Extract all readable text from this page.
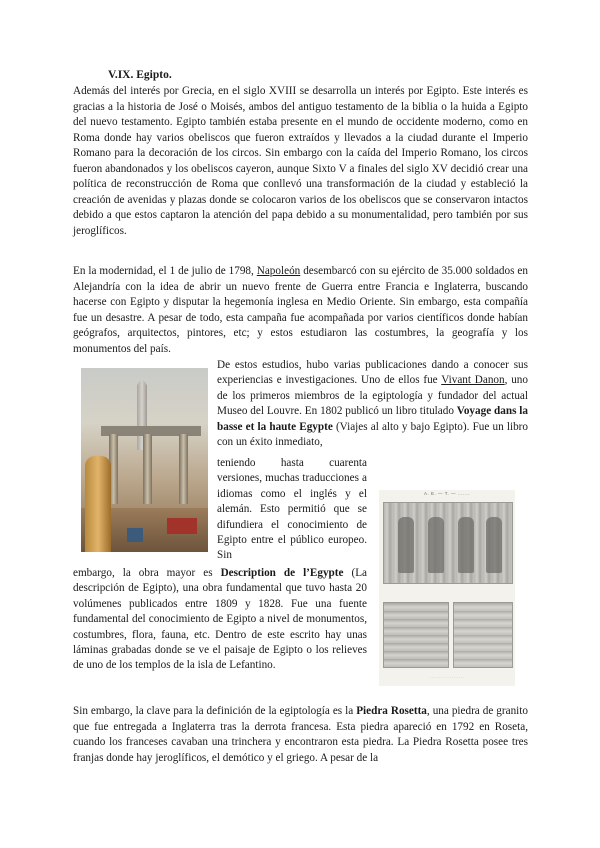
V.IX. Egipto.
Además del interés por Grecia, en el siglo XVIII se desarrolla un interés por Egipto. Este interés es gracias a la historia de José o Moisés, ambos del antiguo testamento de la biblia o la huida a Egipto del nuevo testamento. Egipto también estaba presente en el mundo de occidente moderno, como en Roma donde hay varios obeliscos que fueron extraídos y llevados a la ciudad durante el Imperio Romano para la decoración de los circos. Sin embargo con la caída del Imperio Romano, los circos fueron abandonados y los obeliscos cayeron, aunque Sixto V a finales del siglo XV decidió crear una política de reconstrucción de Roma que conllevó una transformación de la ciudad y estableció la creación de avenidas y plazas donde se colocaron varios de los obeliscos que se conservaron intactos debido a que estos captaron la atención del papa debido a su monumentalidad, pero también por sus jeroglíficos.
En la modernidad, el 1 de julio de 1798, Napoleón desembarcó con su ejército de 35.000 soldados en Alejandría con la idea de abrir un nuevo frente de Guerra entre Francia e Inglaterra, buscando hacerse con Egipto y disputar la hegemonía inglesa en Medio Oriente. Sin embargo, esta compañía fue un desastre. A pesar de todo, esta campaña fue acompañada por varios científicos donde habían geógrafos, arquitectos, pintores, etc; y estos estudiaron las costumbres, la geografía y los monumentos del país.
De estos estudios, hubo varias publicaciones dando a conocer sus experiencias e investigaciones. Uno de ellos fue Vivant Danon, uno de los primeros miembros de la egiptología y fundador del actual Museo del Louvre. En 1802 publicó un libro titulado Voyage dans la basse et la haute Egypte (Viajes al alto y bajo Egipto). Fue un libro con un éxito inmediato,
teniendo hasta cuarenta versiones, muchas traducciones a idiomas como el inglés y el alemán. Esto permitió que se difundiera el conocimiento de Egipto entre el público europeo. Sin
embargo, la obra mayor es Description de l’Egypte (La descripción de Egipto), una obra fundamental que tuvo hasta 20 volúmenes publicados entre 1809 y 1828. Fue una fuente fundamental del conocimiento de Egipto a nivel de monumentos, costumbres, flora, fauna, etc. Dentro de este escrito hay unas láminas grabadas donde se ve el paisaje de Egipto o los relieves de uno de los templos de la isla de Lefantino.
A. E. — T. — .......
. . . . . . . . . . . . . . . .
Sin embargo, la clave para la definición de la egiptología es la Piedra Rosetta, una piedra de granito que fue entregada a Inglaterra tras la derrota francesa. Esta piedra apareció en 1792 en Roseta, cuando los franceses cavaban una trinchera y encontraron esta piedra. La Piedra Rosetta posee tres franjas donde hay jeroglíficos, el demótico y el griego. A pesar de la
